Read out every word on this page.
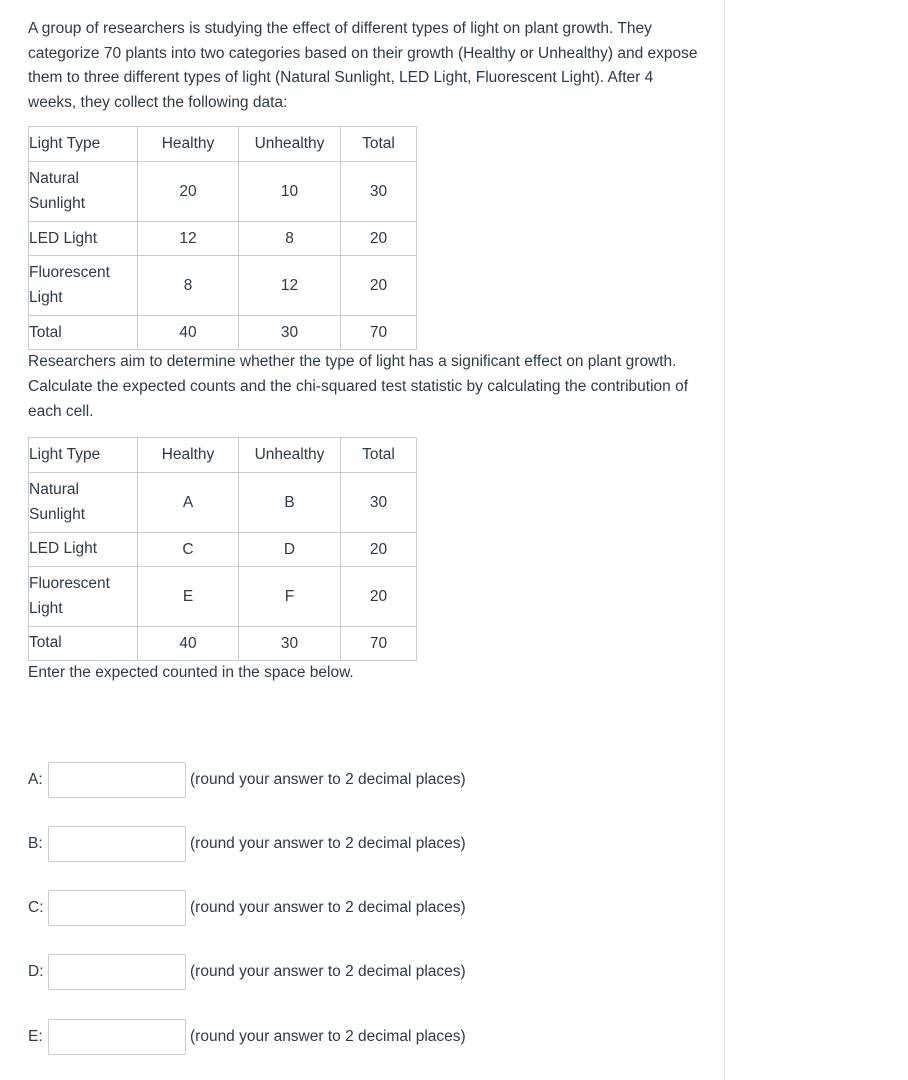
A group of researchers is studying the effect of different types of light on plant growth. They categorize 70 plants into two categories based on their growth (Healthy or Unhealthy) and expose them to three different types of light (Natural Sunlight, LED Light, Fluorescent Light). After 4 weeks, they collect the following data:

Light Type	Healthy	Unhealthy	Total
Natural Sunlight	20	10	30
LED Light	12	8	20
Fluorescent Light	8	12	20
Total	40	30	70

Researchers aim to determine whether the type of light has a significant effect on plant growth. Calculate the expected counts and the chi-squared test statistic by calculating the contribution of each cell.

Light Type	Healthy	Unhealthy	Total
Natural Sunlight	A	B	30
LED Light	C	D	20
Fluorescent Light	E	F	20
Total	40	30	70

Enter the expected counted in the space below.

A:	(round your answer to 2 decimal places)
B:	(round your answer to 2 decimal places)
C:	(round your answer to 2 decimal places)
D:	(round your answer to 2 decimal places)
E:	(round your answer to 2 decimal places)
